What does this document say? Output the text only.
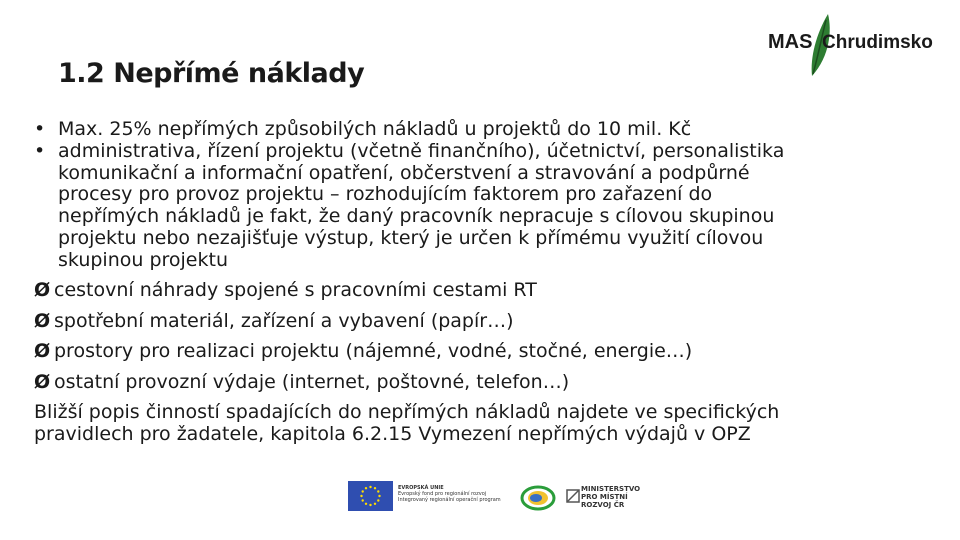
MAS Chrudimsko
1.2 Nepřímé náklady
• Max. 25% nepřímých způsobilých nákladů u projektů do 10 mil. Kč
• administrativa, řízení projektu (včetně finančního), účetnictví, personalistika
komunikační a informační opatření, občerstvení a stravování a podpůrné
procesy pro provoz projektu – rozhodujícím faktorem pro zařazení do
nepřímých nákladů je fakt, že daný pracovník nepracuje s cílovou skupinou
projektu nebo nezajišťuje výstup, který je určen k přímému využití cílovou
skupinou projektu
Ø cestovní náhrady spojené s pracovními cestami RT
Ø spotřební materiál, zařízení a vybavení (papír…)
Ø prostory pro realizaci projektu (nájemné, vodné, stočné, energie…)
Ø ostatní provozní výdaje (internet, poštovné, telefon…)
Bližší popis činností spadajících do nepřímých nákladů najdete ve specifických
pravidlech pro žadatele, kapitola 6.2.15 Vymezení nepřímých výdajů v OPZ
EVROPSKÁ UNIE
Evropský fond pro regionální rozvoj
Integrovaný regionální operační program
MINISTERSTVO
PRO MÍSTNÍ
ROZVOJ ČR
